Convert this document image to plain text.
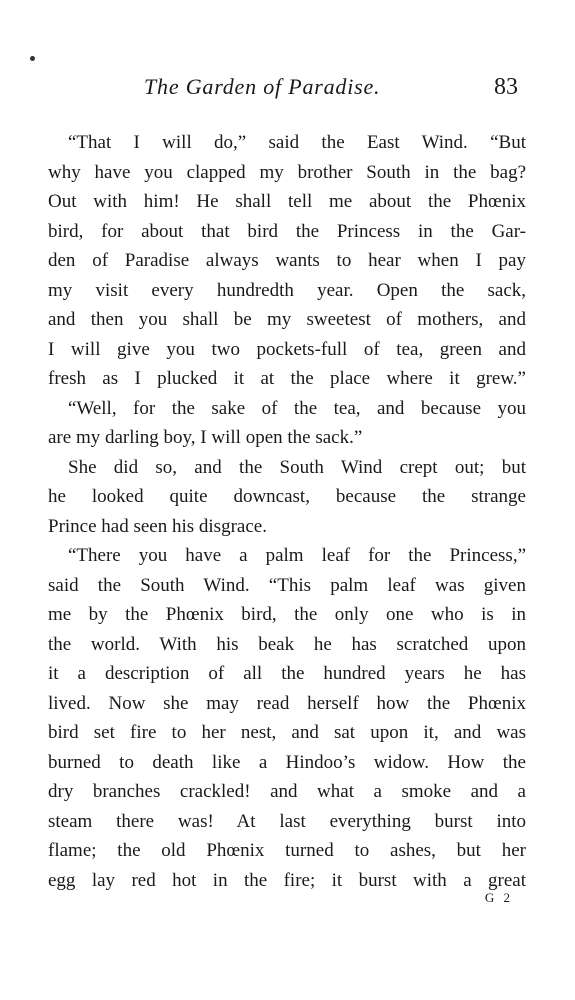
The Garden of Paradise.	83
“That I will do,” said the East Wind. “But
why have you clapped my brother South in the bag?
Out with him! He shall tell me about the Phœnix
bird, for about that bird the Princess in the Gar-
den of Paradise always wants to hear when I pay
my visit every hundredth year. Open the sack,
and then you shall be my sweetest of mothers, and
I will give you two pockets-full of tea, green and
fresh as I plucked it at the place where it grew.”
“Well, for the sake of the tea, and because you
are my darling boy, I will open the sack.”
She did so, and the South Wind crept out; but
he looked quite downcast, because the strange
Prince had seen his disgrace.
“There you have a palm leaf for the Princess,”
said the South Wind. “This palm leaf was given
me by the Phœnix bird, the only one who is in
the world. With his beak he has scratched upon
it a description of all the hundred years he has
lived. Now she may read herself how the Phœnix
bird set fire to her nest, and sat upon it, and was
burned to death like a Hindoo’s widow. How the
dry branches crackled! and what a smoke and a
steam there was! At last everything burst into
flame; the old Phœnix turned to ashes, but her
egg lay red hot in the fire; it burst with a great
G 2
